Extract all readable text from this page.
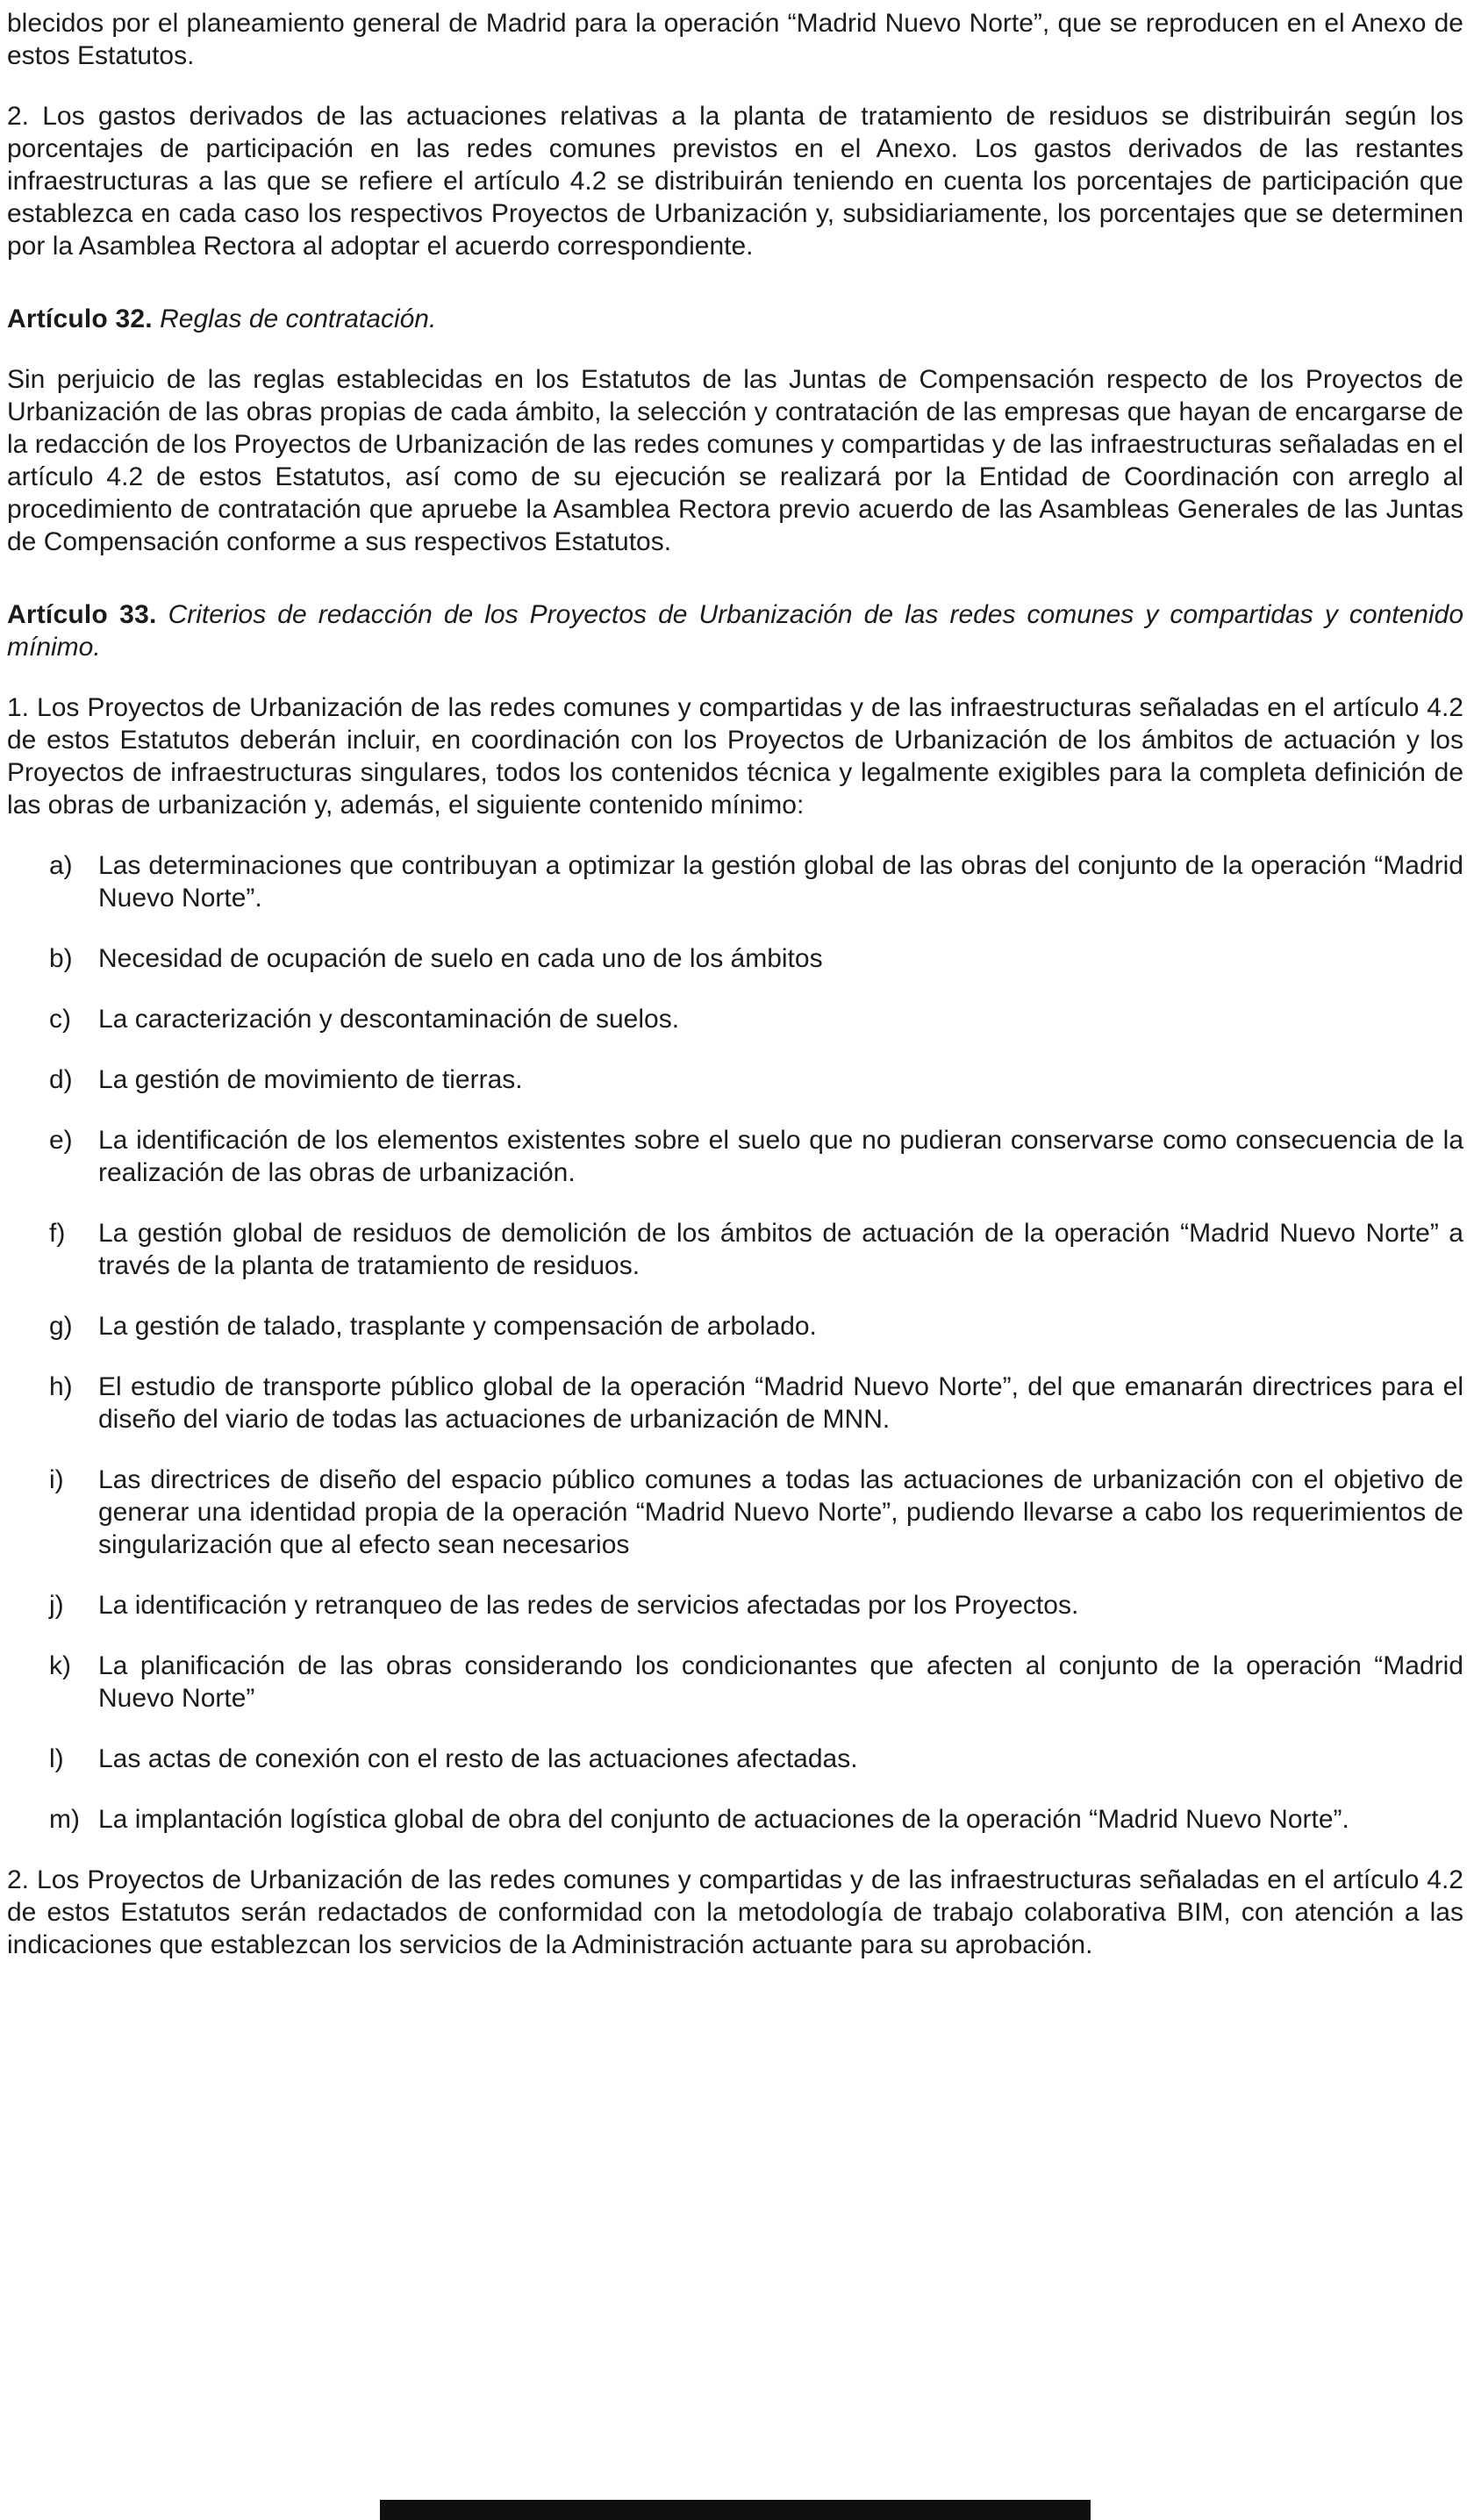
blecidos por el planeamiento general de Madrid para la operación “Madrid Nuevo Norte”, que se reproducen en el Anexo de estos Estatutos.

2. Los gastos derivados de las actuaciones relativas a la planta de tratamiento de residuos se distribuirán según los porcentajes de participación en las redes comunes previstos en el Anexo. Los gastos derivados de las restantes infraestructuras a las que se refiere el artículo 4.2 se distribuirán teniendo en cuenta los porcentajes de participación que establezca en cada caso los respectivos Proyectos de Urbanización y, subsidiariamente, los porcentajes que se determinen por la Asamblea Rectora al adoptar el acuerdo correspondiente.

Artículo 32. Reglas de contratación.

Sin perjuicio de las reglas establecidas en los Estatutos de las Juntas de Compensación respecto de los Proyectos de Urbanización de las obras propias de cada ámbito, la selección y contratación de las empresas que hayan de encargarse de la redacción de los Proyectos de Urbanización de las redes comunes y compartidas y de las infraestructuras señaladas en el artículo 4.2 de estos Estatutos, así como de su ejecución se realizará por la Entidad de Coordinación con arreglo al procedimiento de contratación que apruebe la Asamblea Rectora previo acuerdo de las Asambleas Generales de las Juntas de Compensación conforme a sus respectivos Estatutos.

Artículo 33. Criterios de redacción de los Proyectos de Urbanización de las redes comunes y compartidas y contenido mínimo.

1. Los Proyectos de Urbanización de las redes comunes y compartidas y de las infraestructuras señaladas en el artículo 4.2 de estos Estatutos deberán incluir, en coordinación con los Proyectos de Urbanización de los ámbitos de actuación y los Proyectos de infraestructuras singulares, todos los contenidos técnica y legalmente exigibles para la completa definición de las obras de urbanización y, además, el siguiente contenido mínimo:

a) Las determinaciones que contribuyan a optimizar la gestión global de las obras del conjunto de la operación “Madrid Nuevo Norte”.
b) Necesidad de ocupación de suelo en cada uno de los ámbitos
c) La caracterización y descontaminación de suelos.
d) La gestión de movimiento de tierras.
e) La identificación de los elementos existentes sobre el suelo que no pudieran conservarse como consecuencia de la realización de las obras de urbanización.
f) La gestión global de residuos de demolición de los ámbitos de actuación de la operación “Madrid Nuevo Norte” a través de la planta de tratamiento de residuos.
g) La gestión de talado, trasplante y compensación de arbolado.
h) El estudio de transporte público global de la operación “Madrid Nuevo Norte”, del que emanarán directrices para el diseño del viario de todas las actuaciones de urbanización de MNN.
i) Las directrices de diseño del espacio público comunes a todas las actuaciones de urbanización con el objetivo de generar una identidad propia de la operación “Madrid Nuevo Norte”, pudiendo llevarse a cabo los requerimientos de singularización que al efecto sean necesarios
j) La identificación y retranqueo de las redes de servicios afectadas por los Proyectos.
k) La planificación de las obras considerando los condicionantes que afecten al conjunto de la operación “Madrid Nuevo Norte”
l) Las actas de conexión con el resto de las actuaciones afectadas.
m) La implantación logística global de obra del conjunto de actuaciones de la operación “Madrid Nuevo Norte”.

2. Los Proyectos de Urbanización de las redes comunes y compartidas y de las infraestructuras señaladas en el artículo 4.2 de estos Estatutos serán redactados de conformidad con la metodología de trabajo colaborativa BIM, con atención a las indicaciones que establezcan los servicios de la Administración actuante para su aprobación.
